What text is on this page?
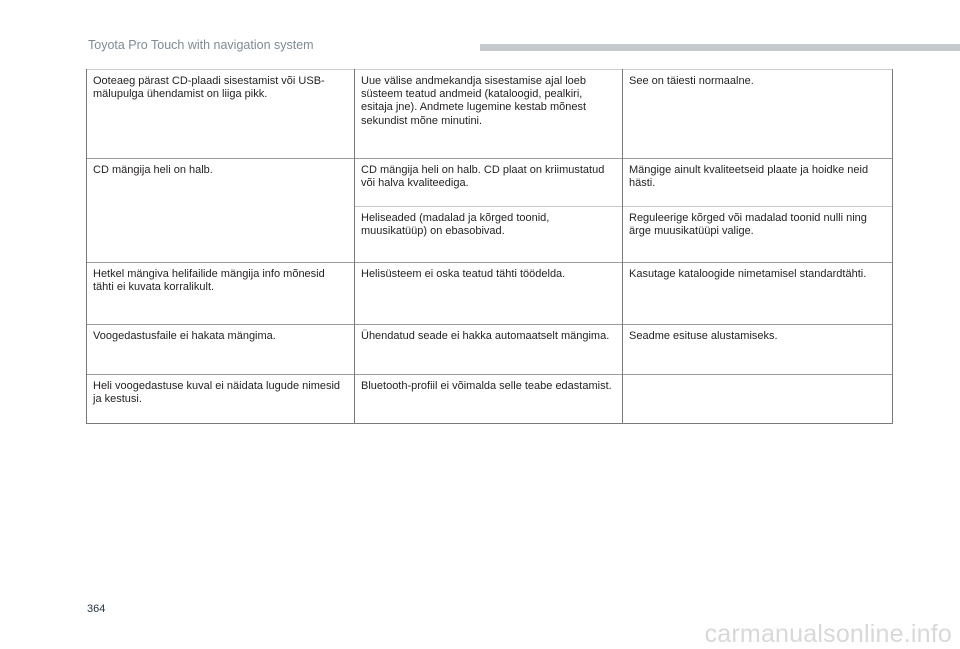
Toyota Pro Touch with navigation system
Ooteaeg pärast CD-plaadi sisestamist või USB-mälupulga ühendamist on liiga pikk.	Uue välise andmekandja sisestamise ajal loeb süsteem teatud andmeid (kataloogid, pealkiri, esitaja jne). Andmete lugemine kestab mõnest sekundist mõne minutini.	See on täiesti normaalne.
CD mängija heli on halb.	CD mängija heli on halb. CD plaat on kriimustatud või halva kvaliteediga.	Mängige ainult kvaliteetseid plaate ja hoidke neid hästi.
	Heliseaded (madalad ja kõrged toonid, muusikatüüp) on ebasobivad.	Reguleerige kõrged või madalad toonid nulli ning ärge muusikatüüpi valige.
Hetkel mängiva helifailide mängija info mõnesid tähti ei kuvata korralikult.	Helisüsteem ei oska teatud tähti töödelda.	Kasutage kataloogide nimetamisel standardtähti.
Voogedastusfaile ei hakata mängima.	Ühendatud seade ei hakka automaatselt mängima.	Seadme esituse alustamiseks.
Heli voogedastuse kuval ei näidata lugude nimesid ja kestusi.	Bluetooth-profiil ei võimalda selle teabe edastamist.	
364
carmanualsonline.info
